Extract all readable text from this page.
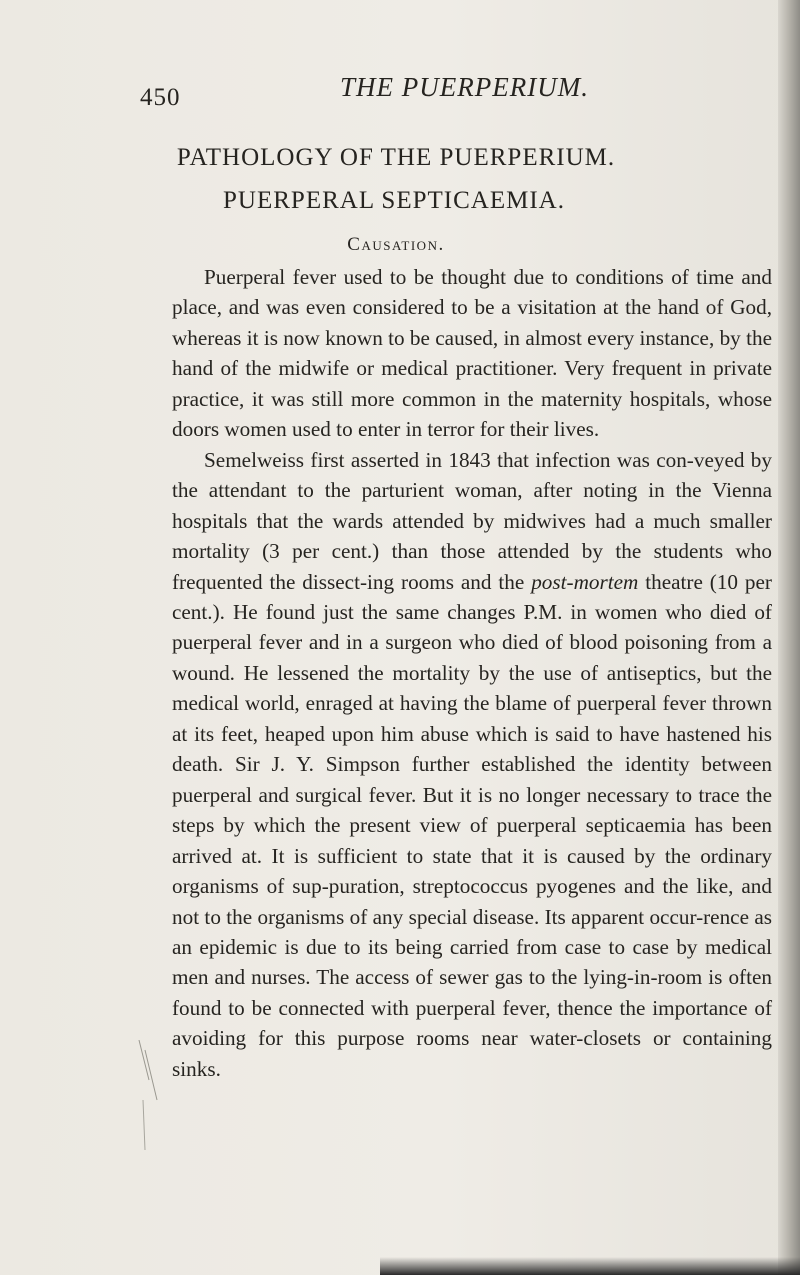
450	THE PUERPERIUM.
PATHOLOGY OF THE PUERPERIUM.
PUERPERAL SEPTICAEMIA.
Causation.

Puerperal fever used to be thought due to conditions of time and place, and was even considered to be a visitation at the hand of God, whereas it is now known to be caused, in almost every instance, by the hand of the midwife or medical practitioner. Very frequent in private practice, it was still more common in the maternity hospitals, whose doors women used to enter in terror for their lives.

Semelweiss first asserted in 1843 that infection was con-veyed by the attendant to the parturient woman, after noting in the Vienna hospitals that the wards attended by midwives had a much smaller mortality (3 per cent.) than those attended by the students who frequented the dissect-ing rooms and the post-mortem theatre (10 per cent.). He found just the same changes P.M. in women who died of puerperal fever and in a surgeon who died of blood poisoning from a wound. He lessened the mortality by the use of antiseptics, but the medical world, enraged at having the blame of puerperal fever thrown at its feet, heaped upon him abuse which is said to have hastened his death. Sir J. Y. Simpson further established the identity between puerperal and surgical fever. But it is no longer necessary to trace the steps by which the present view of puerperal septicaemia has been arrived at. It is sufficient to state that it is caused by the ordinary organisms of sup-puration, streptococcus pyogenes and the like, and not to the organisms of any special disease. Its apparent occur-rence as an epidemic is due to its being carried from case to case by medical men and nurses. The access of sewer gas to the lying-in-room is often found to be connected with puerperal fever, thence the importance of avoiding for this purpose rooms near water-closets or containing sinks.
